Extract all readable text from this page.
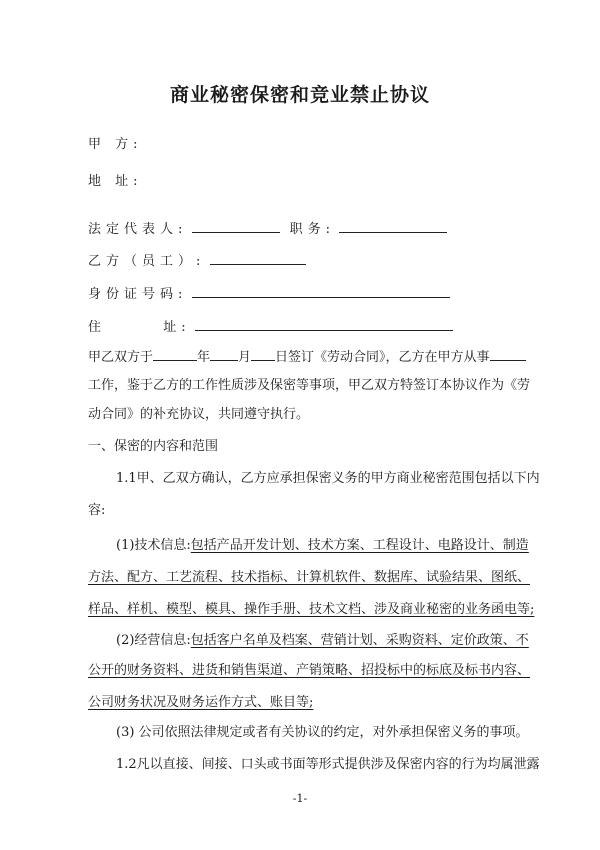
商业秘密保密和竞业禁止协议
甲 方:
地 址:
法定代表人:	职务:
乙方（员工）:
身份证号码:
住	址:
甲乙双方于	年 月 日签订《劳动合同》，乙方在甲方从事
工作，鉴于乙方的工作性质涉及保密等事项，甲乙双方特签订本协议作为《劳
动合同》的补充协议，共同遵守执行。
一、保密的内容和范围
1.1甲、乙双方确认，乙方应承担保密义务的甲方商业秘密范围包括以下内
容:
(1)技术信息:包括产品开发计划、技术方案、工程设计、电路设计、制造
方法、配方、工艺流程、技术指标、计算机软件、数据库、试验结果、图纸、
样品、样机、模型、模具、操作手册、技术文档、涉及商业秘密的业务函电等;
(2)经营信息:包括客户名单及档案、营销计划、采购资料、定价政策、不
公开的财务资料、进货和销售渠道、产销策略、招投标中的标底及标书内容、
公司财务状况及财务运作方式、账目等;
(3) 公司依照法律规定或者有关协议的约定，对外承担保密义务的事项。
1.2凡以直接、间接、口头或书面等形式提供涉及保密内容的行为均属泄露
-1-
